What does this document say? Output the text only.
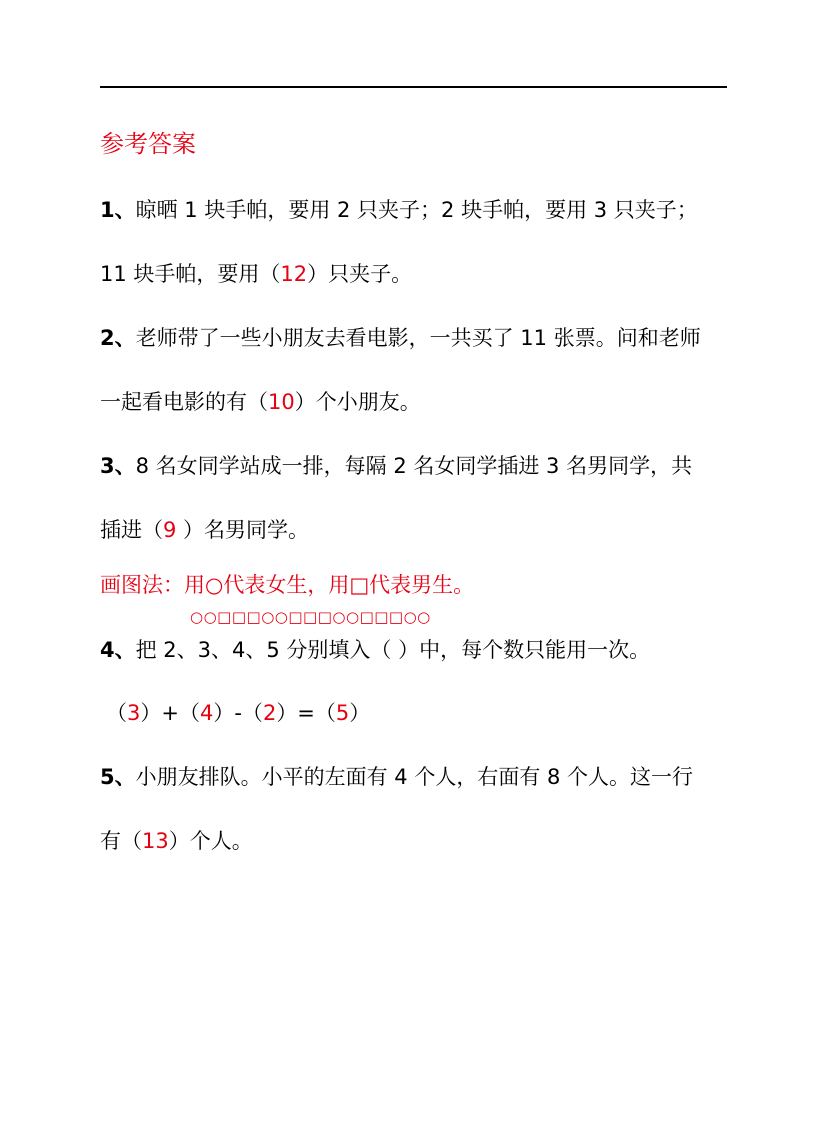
参考答案
1、晾晒 1 块手帕，要用 2 只夹子；2 块手帕，要用 3 只夹子；
11 块手帕，要用（12）只夹子。
2、老师带了一些小朋友去看电影，一共买了 11 张票。问和老师
一起看电影的有（10）个小朋友。
3、8 名女同学站成一排，每隔 2 名女同学插进 3 名男同学，共
插进（9 ）名男同学。
画图法：用○代表女生，用□代表男生。
○○□□□○○□□□○○□□□○○
4、把 2、3、4、5 分别填入（ ）中，每个数只能用一次。
（3）+（4）-（2）=（5）
5、小朋友排队。小平的左面有 4 个人，右面有 8 个人。这一行
有（13）个人。
